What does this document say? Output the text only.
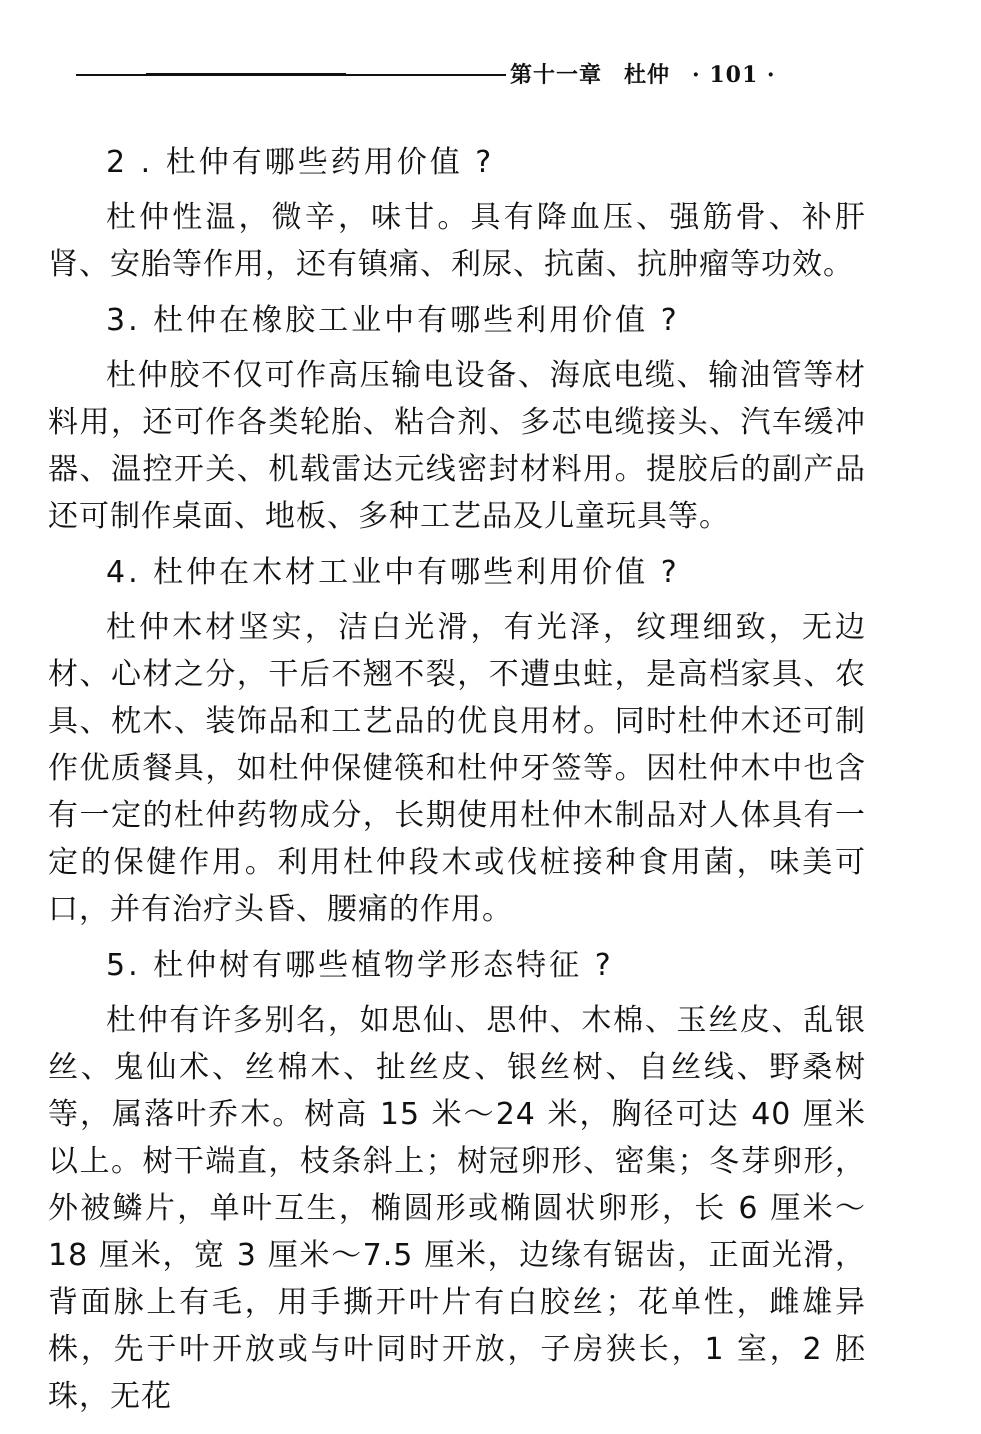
第十一章 杜仲 · 101 ·
2 . 杜仲有哪些药用价值 ?

杜仲性温，微辛，味甘。具有降血压、强筋骨、补肝肾、安胎等作用，还有镇痛、利尿、抗菌、抗肿瘤等功效。

3. 杜仲在橡胶工业中有哪些利用价值 ?

杜仲胶不仅可作高压输电设备、海底电缆、输油管等材料用，还可作各类轮胎、粘合剂、多芯电缆接头、汽车缓冲器、温控开关、机载雷达元线密封材料用。提胶后的副产品还可制作桌面、地板、多种工艺品及儿童玩具等。

4. 杜仲在木材工业中有哪些利用价值 ?

杜仲木材坚实，洁白光滑，有光泽，纹理细致，无边材、心材之分，干后不翘不裂，不遭虫蛀，是高档家具、农具、枕木、装饰品和工艺品的优良用材。同时杜仲木还可制作优质餐具，如杜仲保健筷和杜仲牙签等。因杜仲木中也含有一定的杜仲药物成分，长期使用杜仲木制品对人体具有一定的保健作用。利用杜仲段木或伐桩接种食用菌，味美可口，并有治疗头昏、腰痛的作用。

5. 杜仲树有哪些植物学形态特征 ?

杜仲有许多别名，如思仙、思仲、木棉、玉丝皮、乱银丝、鬼仙术、丝棉木、扯丝皮、银丝树、自丝线、野桑树等，属落叶乔木。树高 15 米～24 米，胸径可达 40 厘米以上。树干端直，枝条斜上；树冠卵形、密集；冬芽卵形，外被鳞片，单叶互生，椭圆形或椭圆状卵形，长 6 厘米～18 厘米，宽 3 厘米～7.5 厘米，边缘有锯齿，正面光滑，背面脉上有毛，用手撕开叶片有白胶丝；花单性，雌雄异株，先于叶开放或与叶同时开放，子房狭长，1 室，2 胚珠，无花
